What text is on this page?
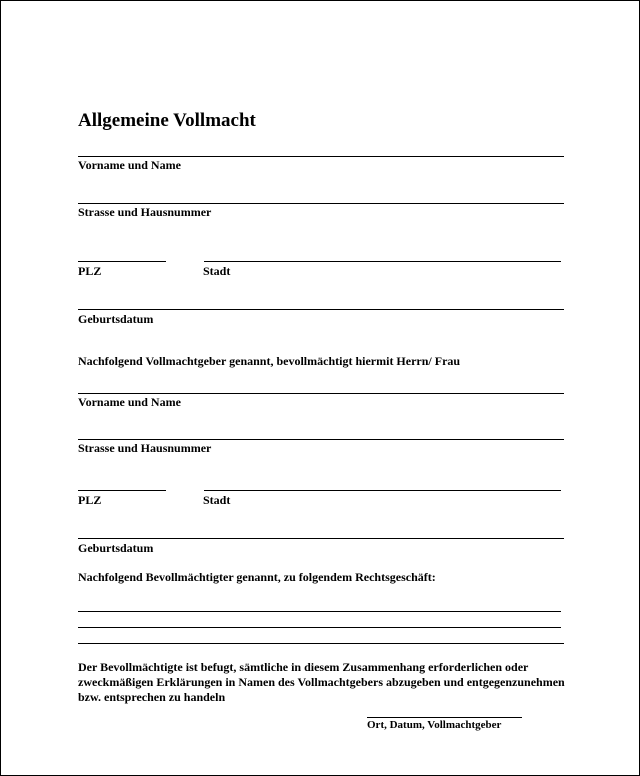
Allgemeine Vollmacht
Vorname und Name
Strasse und Hausnummer
PLZ	Stadt
Geburtsdatum
Nachfolgend Vollmachtgeber genannt, bevollmächtigt hiermit Herrn/ Frau
Vorname und Name
Strasse und Hausnummer
PLZ	Stadt
Geburtsdatum
Nachfolgend Bevollmächtigter genannt, zu folgendem Rechtsgeschäft:
Der Bevollmächtigte ist befugt, sämtliche in diesem Zusammenhang erforderlichen oder zweckmäßigen Erklärungen in Namen des Vollmachtgebers abzugeben und entgegenzunehmen bzw. entsprechen zu handeln
Ort, Datum, Vollmachtgeber
